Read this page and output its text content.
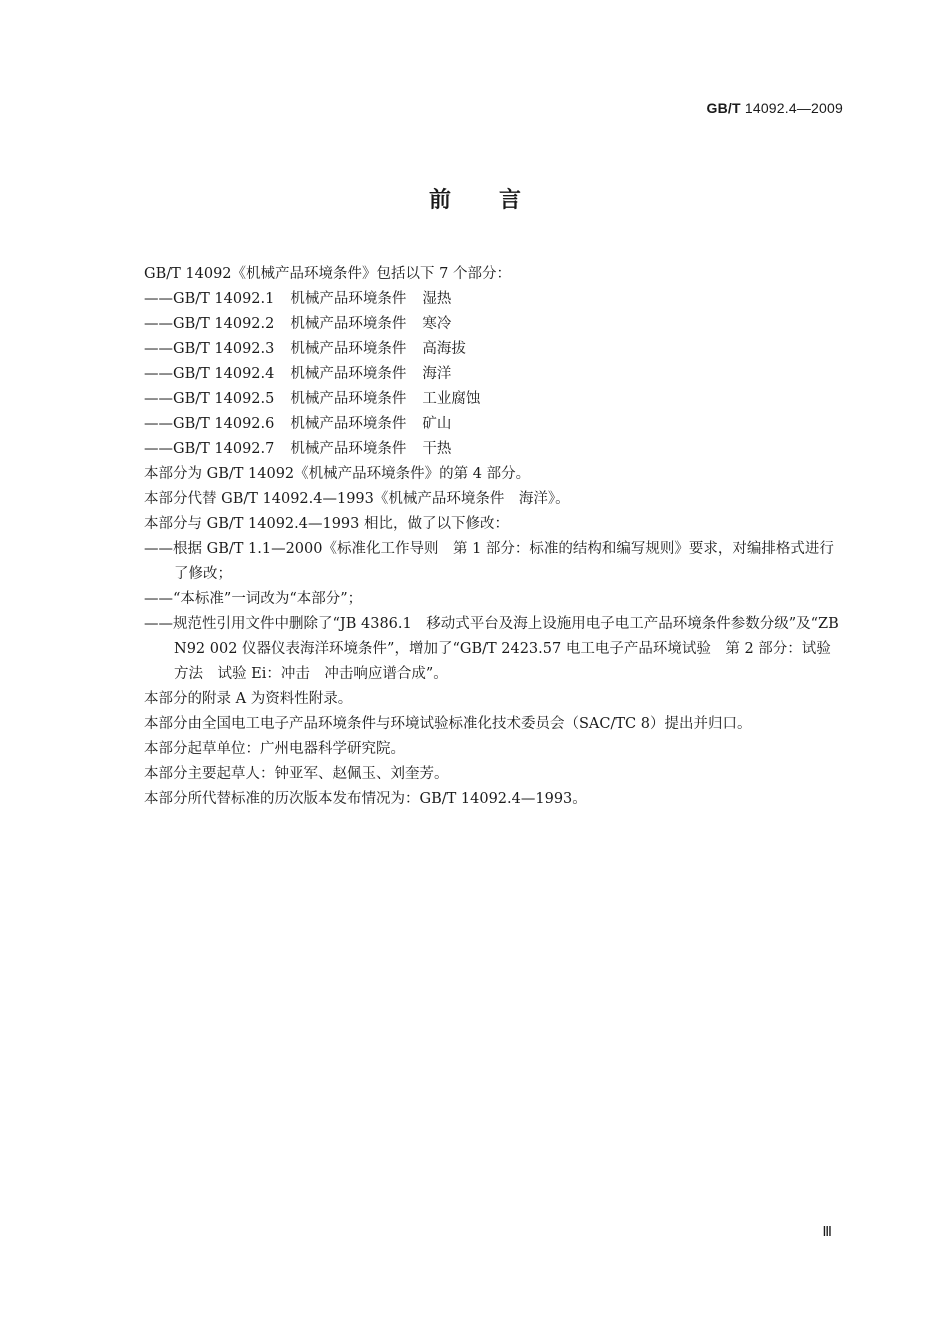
GB/T 14092.4—2009
前 言
GB/T 14092《机械产品环境条件》包括以下 7 个部分：
——GB/T 14092.1 机械产品环境条件 湿热
——GB/T 14092.2 机械产品环境条件 寒冷
——GB/T 14092.3 机械产品环境条件 高海拔
——GB/T 14092.4 机械产品环境条件 海洋
——GB/T 14092.5 机械产品环境条件 工业腐蚀
——GB/T 14092.6 机械产品环境条件 矿山
——GB/T 14092.7 机械产品环境条件 干热
本部分为 GB/T 14092《机械产品环境条件》的第 4 部分。
本部分代替 GB/T 14092.4—1993《机械产品环境条件　海洋》。
本部分与 GB/T 14092.4—1993 相比，做了以下修改：
——根据 GB/T 1.1—2000《标准化工作导则　第 1 部分：标准的结构和编写规则》要求，对编排格式进行了修改；
——“本标准”一词改为“本部分”；
——规范性引用文件中删除了“JB 4386.1　移动式平台及海上设施用电子电工产品环境条件参数分级”及“ZB N92 002 仪器仪表海洋环境条件”，增加了“GB/T 2423.57 电工电子产品环境试验　第 2 部分：试验方法　试验 Ei：冲击　冲击响应谱合成”。
本部分的附录 A 为资料性附录。
本部分由全国电工电子产品环境条件与环境试验标准化技术委员会（SAC/TC 8）提出并归口。
本部分起草单位：广州电器科学研究院。
本部分主要起草人：钟亚军、赵佩玉、刘奎芳。
本部分所代替标准的历次版本发布情况为：GB/T 14092.4—1993。
Ⅲ
